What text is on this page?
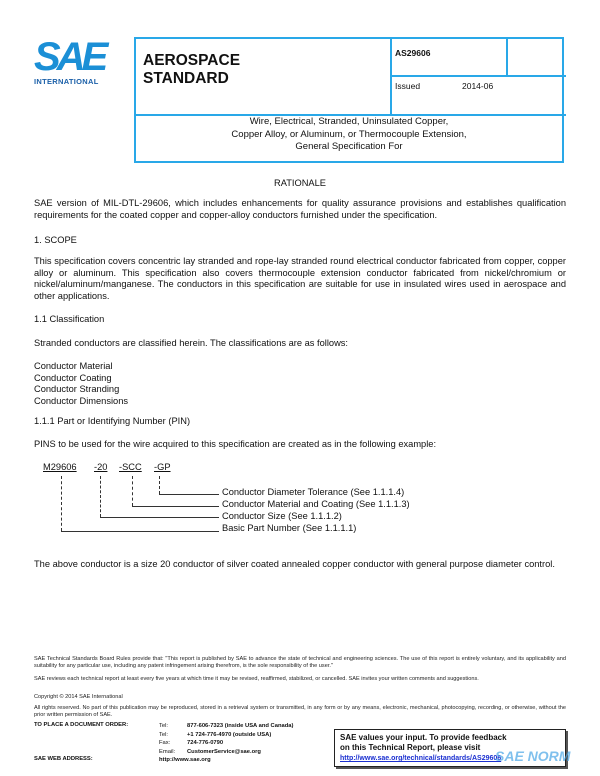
SAE
INTERNATIONAL
AEROSPACE
STANDARD
AS29606
Issued	2014-06
Wire, Electrical, Stranded, Uninsulated Copper,
Copper Alloy, or Aluminum, or Thermocouple Extension,
General Specification For
RATIONALE
SAE version of MIL-DTL-29606, which includes enhancements for quality assurance provisions and establishes qualification requirements for the coated copper and copper-alloy conductors furnished under the specification.
1. SCOPE
This specification covers concentric lay stranded and rope-lay stranded round electrical conductor fabricated from copper, copper alloy or aluminum. This specification also covers thermocouple extension conductor fabricated from nickel/chromium or nickel/aluminum/manganese. The conductors in this specification are suitable for use in insulated wires used in aerospace and other applications.
1.1 Classification
Stranded conductors are classified herein. The classifications are as follows:
Conductor Material
Conductor Coating
Conductor Stranding
Conductor Dimensions
1.1.1 Part or Identifying Number (PIN)
PINS to be used for the wire acquired to this specification are created as in the following example:
M29606 -20 -SCC -GP
Conductor Diameter Tolerance (See 1.1.1.4)
Conductor Material and Coating (See 1.1.1.3)
Conductor Size (See 1.1.1.2)
Basic Part Number (See 1.1.1.1)
The above conductor is a size 20 conductor of silver coated annealed copper conductor with general purpose diameter control.
SAE Technical Standards Board Rules provide that: "This report is published by SAE to advance the state of technical and engineering sciences. The use of this report is entirely voluntary, and its applicability and suitability for any particular use, including any patent infringement arising therefrom, is the sole responsibility of the user."
SAE reviews each technical report at least every five years at which time it may be revised, reaffirmed, stabilized, or cancelled. SAE invites your written comments and suggestions.
Copyright © 2014 SAE International
All rights reserved. No part of this publication may be reproduced, stored in a retrieval system or transmitted, in any form or by any means, electronic, mechanical, photocopying, recording, or otherwise, without the prior written permission of SAE.
TO PLACE A DOCUMENT ORDER:
SAE WEB ADDRESS:
Tel:	877-606-7323 (inside USA and Canada)
Tel:	+1 724-776-4970 (outside USA)
Fax:	724-776-0790
Email: CustomerService@sae.org
http://www.sae.org
SAE values your input. To provide feedback
on this Technical Report, please visit
http://www.sae.org/technical/standards/AS29606
SAE NORM
